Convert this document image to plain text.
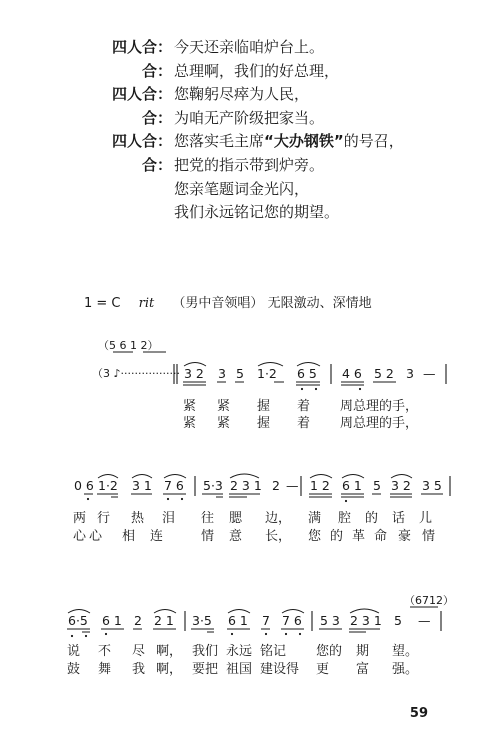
四人合： 今天还亲临咱炉台上。
合： 总理啊，我们的好总理，
四人合： 您鞠躬尽瘁为人民，
合： 为咱无产阶级把家当。
四人合： 您落实毛主席“大办钢铁”的号召，
合： 把党的指示带到炉旁。
您亲笔题词金光闪，
我们永远铭记您的期望。
1 = C rit （男中音领唱） 无限激动、深情地
（5 6 1 2）
（3 ♪················· 3 2 3 5 1·2 6 5 4 6 5 2 3 —
紧 紧 握 着 周总理的手，
紧 紧 握 着 周总理的手，
0 6 1·2 3 1 7 6 5·3 2 3 1 2 — 1 2 6 1 5 3 2 3 5
两 行 热 泪 往 腮 边， 满 腔 的 话 儿
心 心 相 连	情 意 长， 您 的 革 命 豪 情
（6712）
6·5 6 1 2 2 1 3·5 6 1 7 7 6 5 3 2 3 1 5 —
说 不 尽 啊， 我们 永远 铭记 您的 期 望。
鼓 舞 我 啊， 要把 祖国 建设得 更 富 强。
59
